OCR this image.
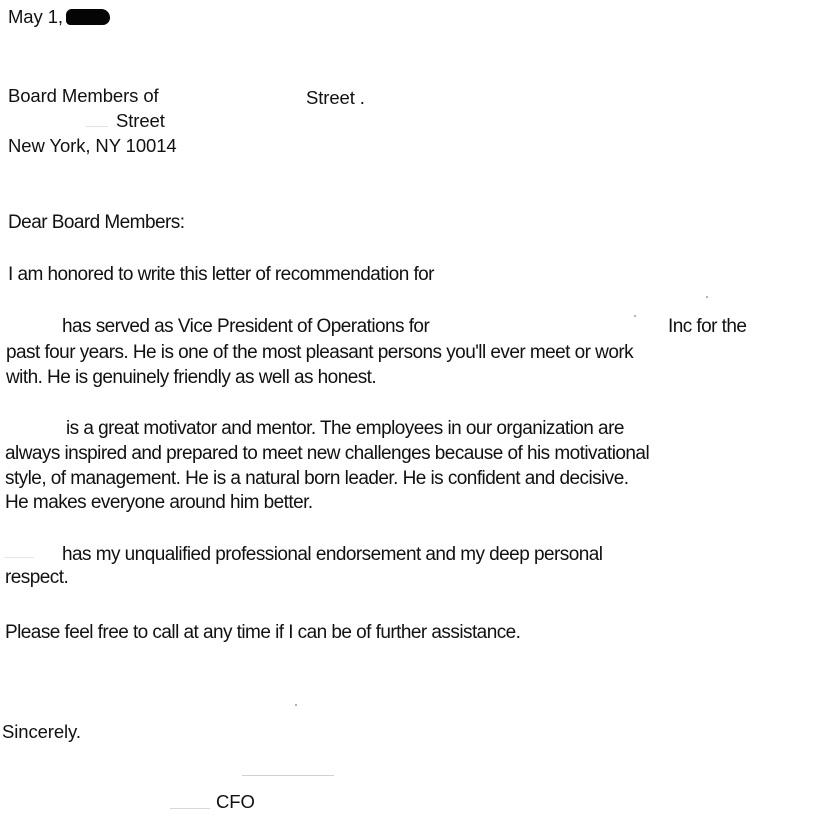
May 1,
Board Members of	Street .
Street
New York, NY 10014
Dear Board Members:
I am honored to write this letter of recommendation for
has served as Vice President of Operations for	Inc for the
past four years. He is one of the most pleasant persons you'll ever meet or work
with. He is genuinely friendly as well as honest.
is a great motivator and mentor. The employees in our organization are
always inspired and prepared to meet new challenges because of his motivational
style, of management. He is a natural born leader. He is confident and decisive.
He makes everyone around him better.
has my unqualified professional endorsement and my deep personal
respect.
Please feel free to call at any time if I can be of further assistance.
Sincerely.
CFO
